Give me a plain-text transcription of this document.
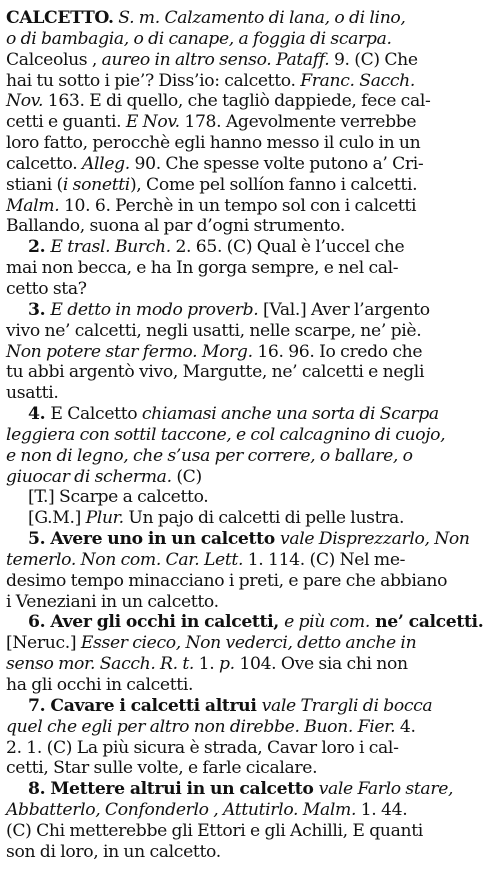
CALCETTO. S. m. Calzamento di lana, o di lino,
o di bambagia, o di canape, a foggia di scarpa.
Calceolus , aureo in altro senso. Pataff. 9. (C) Che
hai tu sotto i pie’? Diss’io: calcetto. Franc. Sacch.
Nov. 163. E di quello, che tagliò dappiede, fece cal-
cetti e guanti. E Nov. 178. Agevolmente verrebbe
loro fatto, perocchè egli hanno messo il culo in un
calcetto. Alleg. 90. Che spesse volte putono a’ Cri-
stiani (i sonetti), Come pel sollíon fanno i calcetti.
Malm. 10. 6. Perchè in un tempo sol con i calcetti
Ballando, suona al par d’ogni strumento.
2. E trasl. Burch. 2. 65. (C) Qual è l’uccel che
mai non becca, e ha In gorga sempre, e nel cal-
cetto sta?
3. E detto in modo proverb. [Val.] Aver l’argento
vivo ne’ calcetti, negli usatti, nelle scarpe, ne’ piè.
Non potere star fermo. Morg. 16. 96. Io credo che
tu abbi argentò vivo, Margutte, ne’ calcetti e negli
usatti.
4. E Calcetto chiamasi anche una sorta di Scarpa
leggiera con sottil taccone, e col calcagnino di cuojo,
e non di legno, che s’usa per correre, o ballare, o
giuocar di scherma. (C)
[T.] Scarpe a calcetto.
[G.M.] Plur. Un pajo di calcetti di pelle lustra.
5. Avere uno in un calcetto vale Disprezzarlo, Non
temerlo. Non com. Car. Lett. 1. 114. (C) Nel me-
desimo tempo minacciano i preti, e pare che abbiano
i Veneziani in un calcetto.
6. Aver gli occhi in calcetti, e più com. ne’ calcetti.
[Neruc.] Esser cieco, Non vederci, detto anche in
senso mor. Sacch. R. t. 1. p. 104. Ove sia chi non
ha gli occhi in calcetti.
7. Cavare i calcetti altrui vale Trargli di bocca
quel che egli per altro non direbbe. Buon. Fier. 4.
2. 1. (C) La più sicura è strada, Cavar loro i cal-
cetti, Star sulle volte, e farle cicalare.
8. Mettere altrui in un calcetto vale Farlo stare,
Abbatterlo, Confonderlo , Attutirlo. Malm. 1. 44.
(C) Chi metterebbe gli Ettori e gli Achilli, E quanti
son di loro, in un calcetto.
